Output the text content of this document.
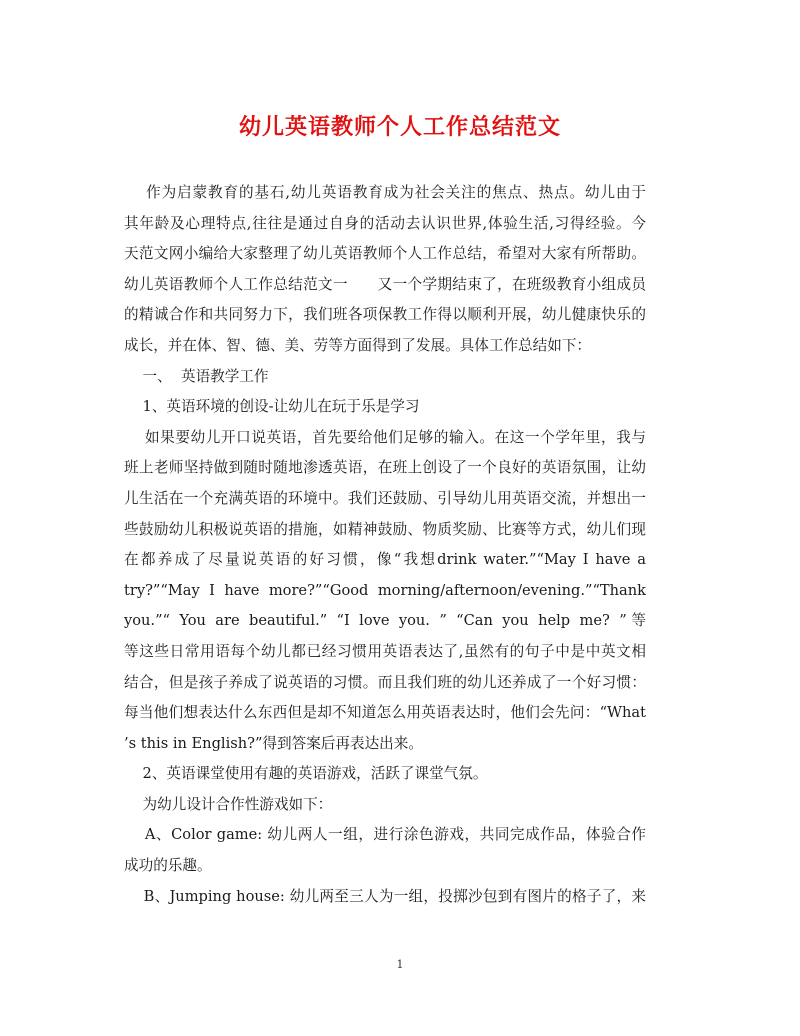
幼儿英语教师个人工作总结范文
作为启蒙教育的基石,幼儿英语教育成为社会关注的焦点、热点。幼儿由于
其年龄及心理特点,往往是通过自身的活动去认识世界,体验生活,习得经验。今
天范文网小编给大家整理了幼儿英语教师个人工作总结，希望对大家有所帮助。
幼儿英语教师个人工作总结范文一      又一个学期结束了，在班级教育小组成员
的精诚合作和共同努力下，我们班各项保教工作得以顺利开展，幼儿健康快乐的
成长，并在体、智、德、美、劳等方面得到了发展。具体工作总结如下：
一、  英语教学工作
1、英语环境的创设-让幼儿在玩于乐是学习
如果要幼儿开口说英语，首先要给他们足够的输入。在这一个学年里，我与
班上老师坚持做到随时随地渗透英语，在班上创设了一个良好的英语氛围，让幼
儿生活在一个充满英语的环境中。我们还鼓励、引导幼儿用英语交流，并想出一
些鼓励幼儿积极说英语的措施，如精神鼓励、物质奖励、比赛等方式，幼儿们现
在都养成了尽量说英语的好习惯，像“我想drink water.”“May I have a
try?”“May I have more?”“Good morning/afternoon/evening.”“Thank
you.”“ You are beautiful.” “I love you. ” “Can you help me? ”等
等这些日常用语每个幼儿都已经习惯用英语表达了,虽然有的句子中是中英文相
结合，但是孩子养成了说英语的习惯。而且我们班的幼儿还养成了一个好习惯：
每当他们想表达什么东西但是却不知道怎么用英语表达时，他们会先问：“What
’s this in English?”得到答案后再表达出来。
2、英语课堂使用有趣的英语游戏，活跃了课堂气氛。
为幼儿设计合作性游戏如下：
A、Color game: 幼儿两人一组，进行涂色游戏，共同完成作品，体验合作
成功的乐趣。
B、Jumping house: 幼儿两至三人为一组，投掷沙包到有图片的格子了，来
1
